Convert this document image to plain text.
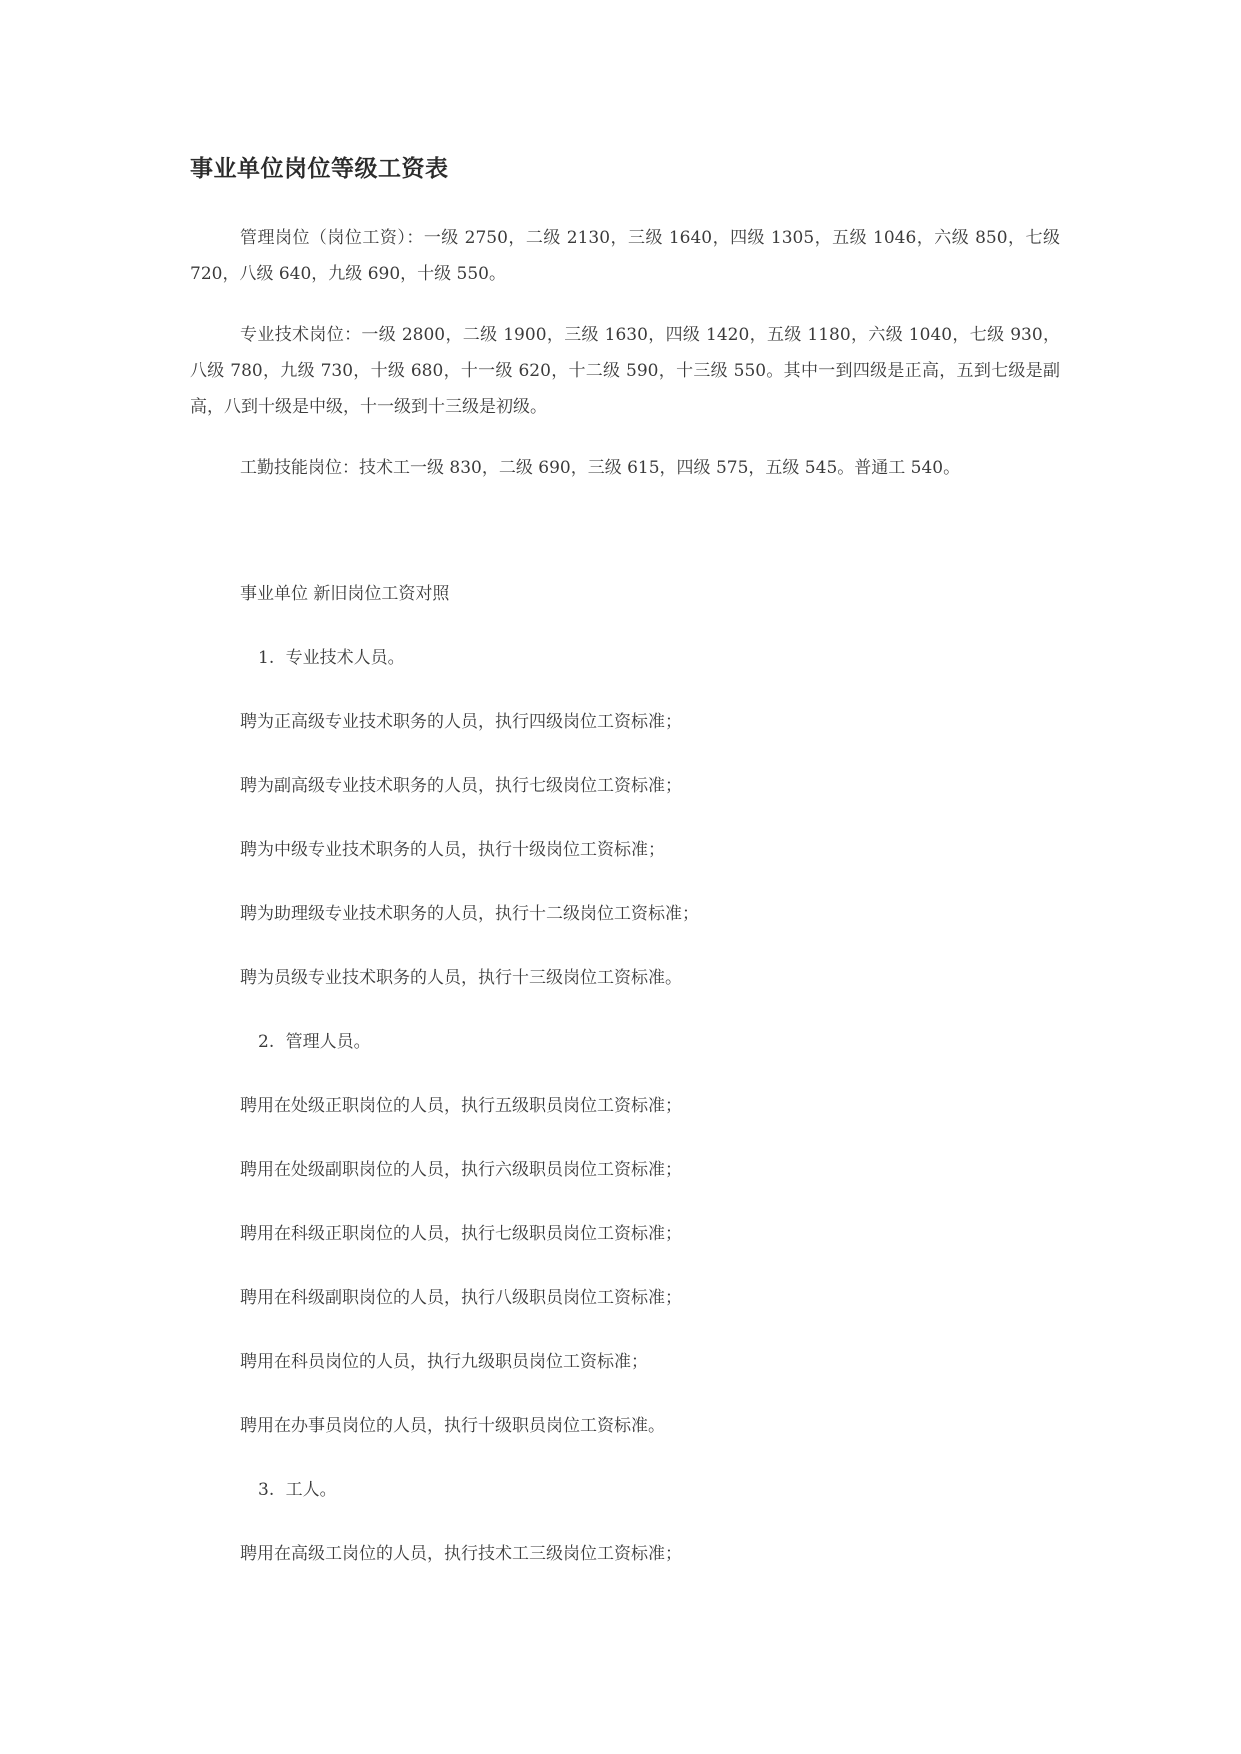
事业单位岗位等级工资表
管理岗位（岗位工资）：一级 2750，二级 2130，三级 1640，四级 1305，五级 1046，六级 850，七级 720，八级 640，九级 690，十级 550。
专业技术岗位：一级 2800，二级 1900，三级 1630，四级 1420，五级 1180，六级 1040，七级 930，八级 780，九级 730，十级 680，十一级 620，十二级 590，十三级 550。其中一到四级是正高，五到七级是副高，八到十级是中级，十一级到十三级是初级。
工勤技能岗位：技术工一级 830，二级 690，三级 615，四级 575，五级 545。普通工 540。
事业单位 新旧岗位工资对照
1. 专业技术人员。
聘为正高级专业技术职务的人员，执行四级岗位工资标准；
聘为副高级专业技术职务的人员，执行七级岗位工资标准；
聘为中级专业技术职务的人员，执行十级岗位工资标准；
聘为助理级专业技术职务的人员，执行十二级岗位工资标准；
聘为员级专业技术职务的人员，执行十三级岗位工资标准。
2. 管理人员。
聘用在处级正职岗位的人员，执行五级职员岗位工资标准；
聘用在处级副职岗位的人员，执行六级职员岗位工资标准；
聘用在科级正职岗位的人员，执行七级职员岗位工资标准；
聘用在科级副职岗位的人员，执行八级职员岗位工资标准；
聘用在科员岗位的人员，执行九级职员岗位工资标准；
聘用在办事员岗位的人员，执行十级职员岗位工资标准。
3. 工人。
聘用在高级工岗位的人员，执行技术工三级岗位工资标准；
